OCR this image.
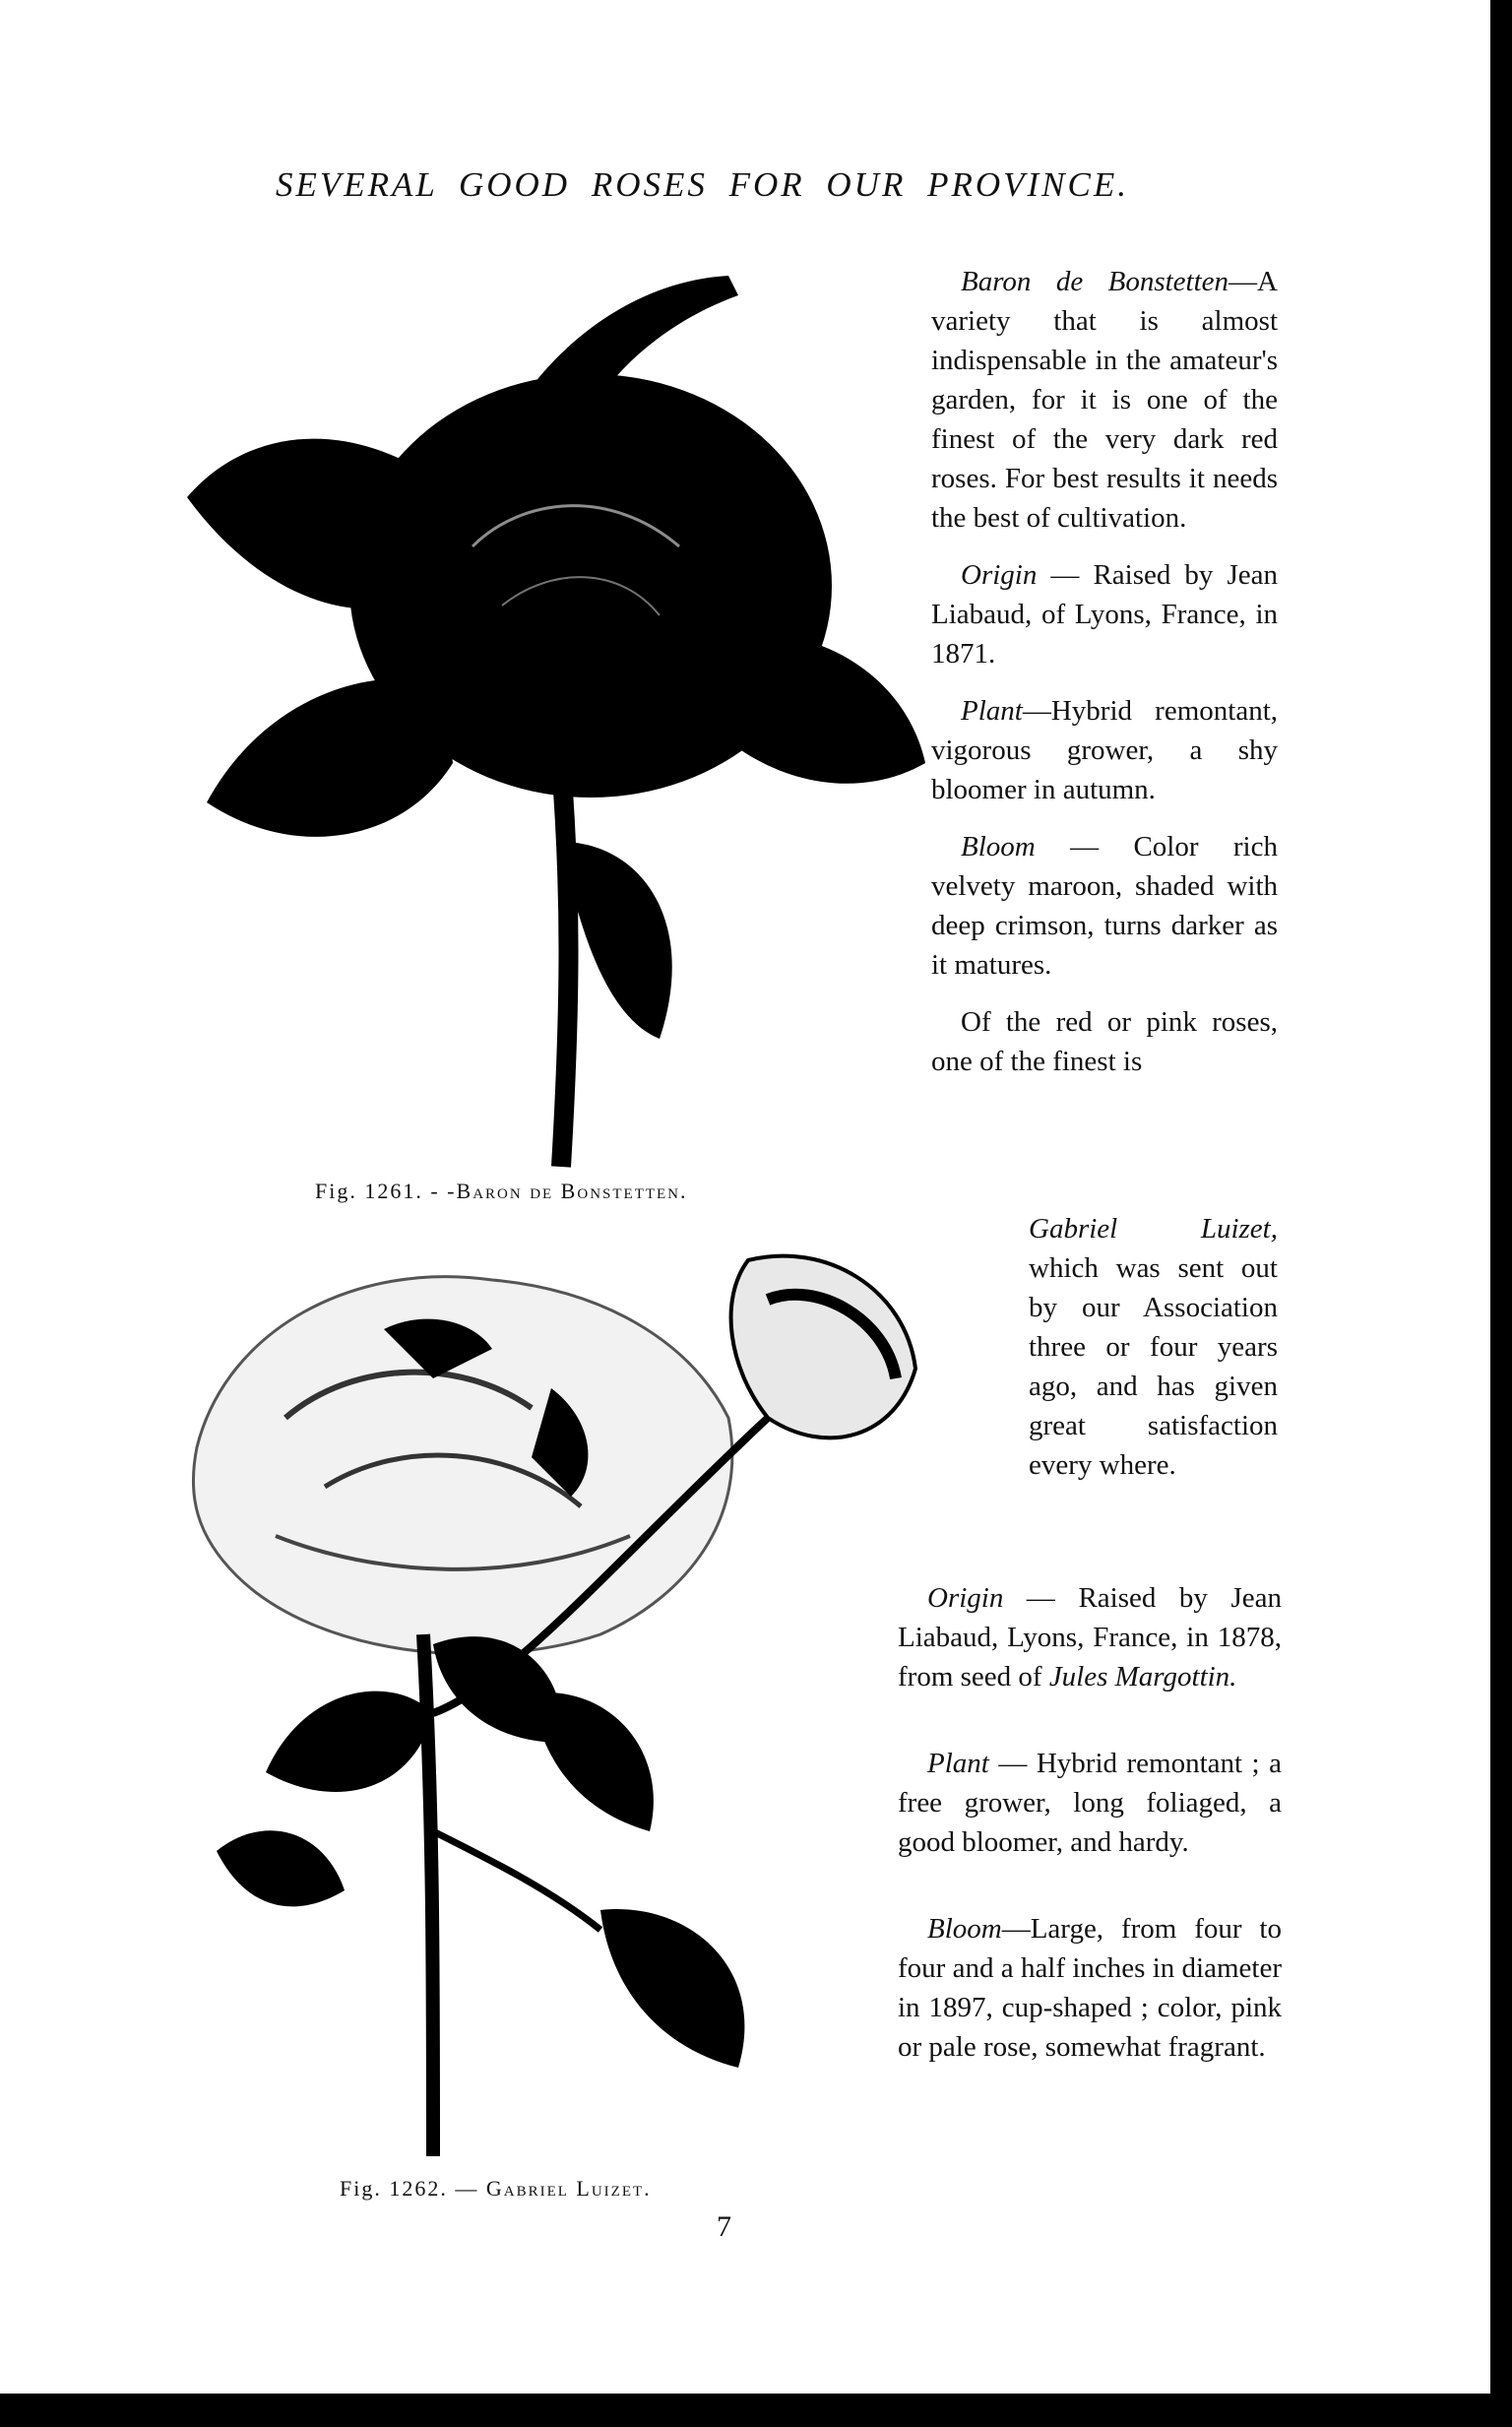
SEVERAL GOOD ROSES FOR OUR PROVINCE.
Fig. 1261. - -Baron de Bonstetten.
Fig. 1262. — Gabriel Luizet.

Baron de Bonstetten—A variety that is almost indispensable in the amateur's garden, for it is one of the finest of the very dark red roses. For best results it needs the best of cultivation.

Origin — Raised by Jean Liabaud, of Lyons, France, in 1871.

Plant—Hybrid remontant, vigorous grower, a shy bloomer in autumn.

Bloom — Color rich velvety maroon, shaded with deep crimson, turns darker as it matures.

Of the red or pink roses, one of the finest is

Gabriel Luizet, which was sent out by our Association three or four years ago, and has given great satisfaction every where.

Origin — Raised by Jean Liabaud, Lyons, France, in 1878, from seed of Jules Margottin.

Plant — Hybrid remontant ; a free grower, long foliaged, a good bloomer, and hardy.

Bloom—Large, from four to four and a half inches in diameter in 1897, cup-shaped ; color, pink or pale rose, somewhat fragrant.

7
